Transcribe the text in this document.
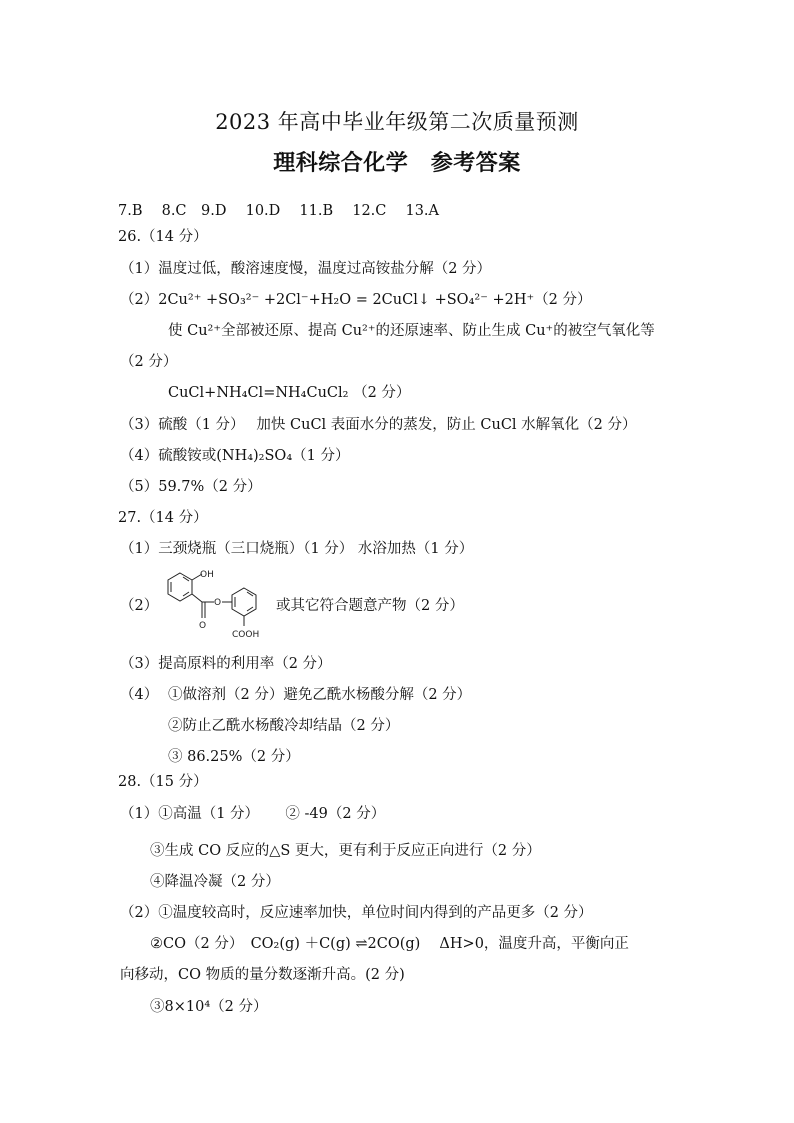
2023 年高中毕业年级第二次质量预测
理科综合化学　参考答案
7.B　 8.C　9.D　 10.D　 11.B　 12.C　 13.A
26.（14 分）
（1）温度过低，酸溶速度慢，温度过高铵盐分解（2 分）
（2）2Cu²⁺ +SO₃²⁻ +2Cl⁻+H₂O = 2CuCl↓ +SO₄²⁻ +2H⁺（2 分）
使 Cu²⁺全部被还原、提高 Cu²⁺的还原速率、防止生成 Cu⁺的被空气氧化等
（2 分）
CuCl+NH₄Cl=NH₄CuCl₂ （2 分）
（3）硫酸（1 分）　 加快 CuCl 表面水分的蒸发，防止 CuCl 水解氧化（2 分）
（4）硫酸铵或(NH₄)₂SO₄（1 分）
（5）59.7%（2 分）
27.（14 分）
（1）三颈烧瓶（三口烧瓶）（1 分） 水浴加热（1 分）
（2）
OH
O
O
COOH
或其它符合题意产物（2 分）
（3）提高原料的利用率（2 分）
（4） ①做溶剂（2 分）避免乙酰水杨酸分解（2 分）
②防止乙酰水杨酸冷却结晶（2 分）
③ 86.25%（2 分）
28.（15 分）
（1）①高温（1 分）　　 ② -49（2 分）
③生成 CO 反应的△S 更大，更有利于反应正向进行（2 分）
④降温冷凝（2 分）
（2）①温度较高时，反应速率加快，单位时间内得到的产品更多（2 分）
②CO（2 分）　CO₂(g) ＋C(g) ⇌2CO(g)　 ΔH>0，温度升高，平衡向正
向移动，CO 物质的量分数逐渐升高。(2 分)
③8×10⁴（2 分）
